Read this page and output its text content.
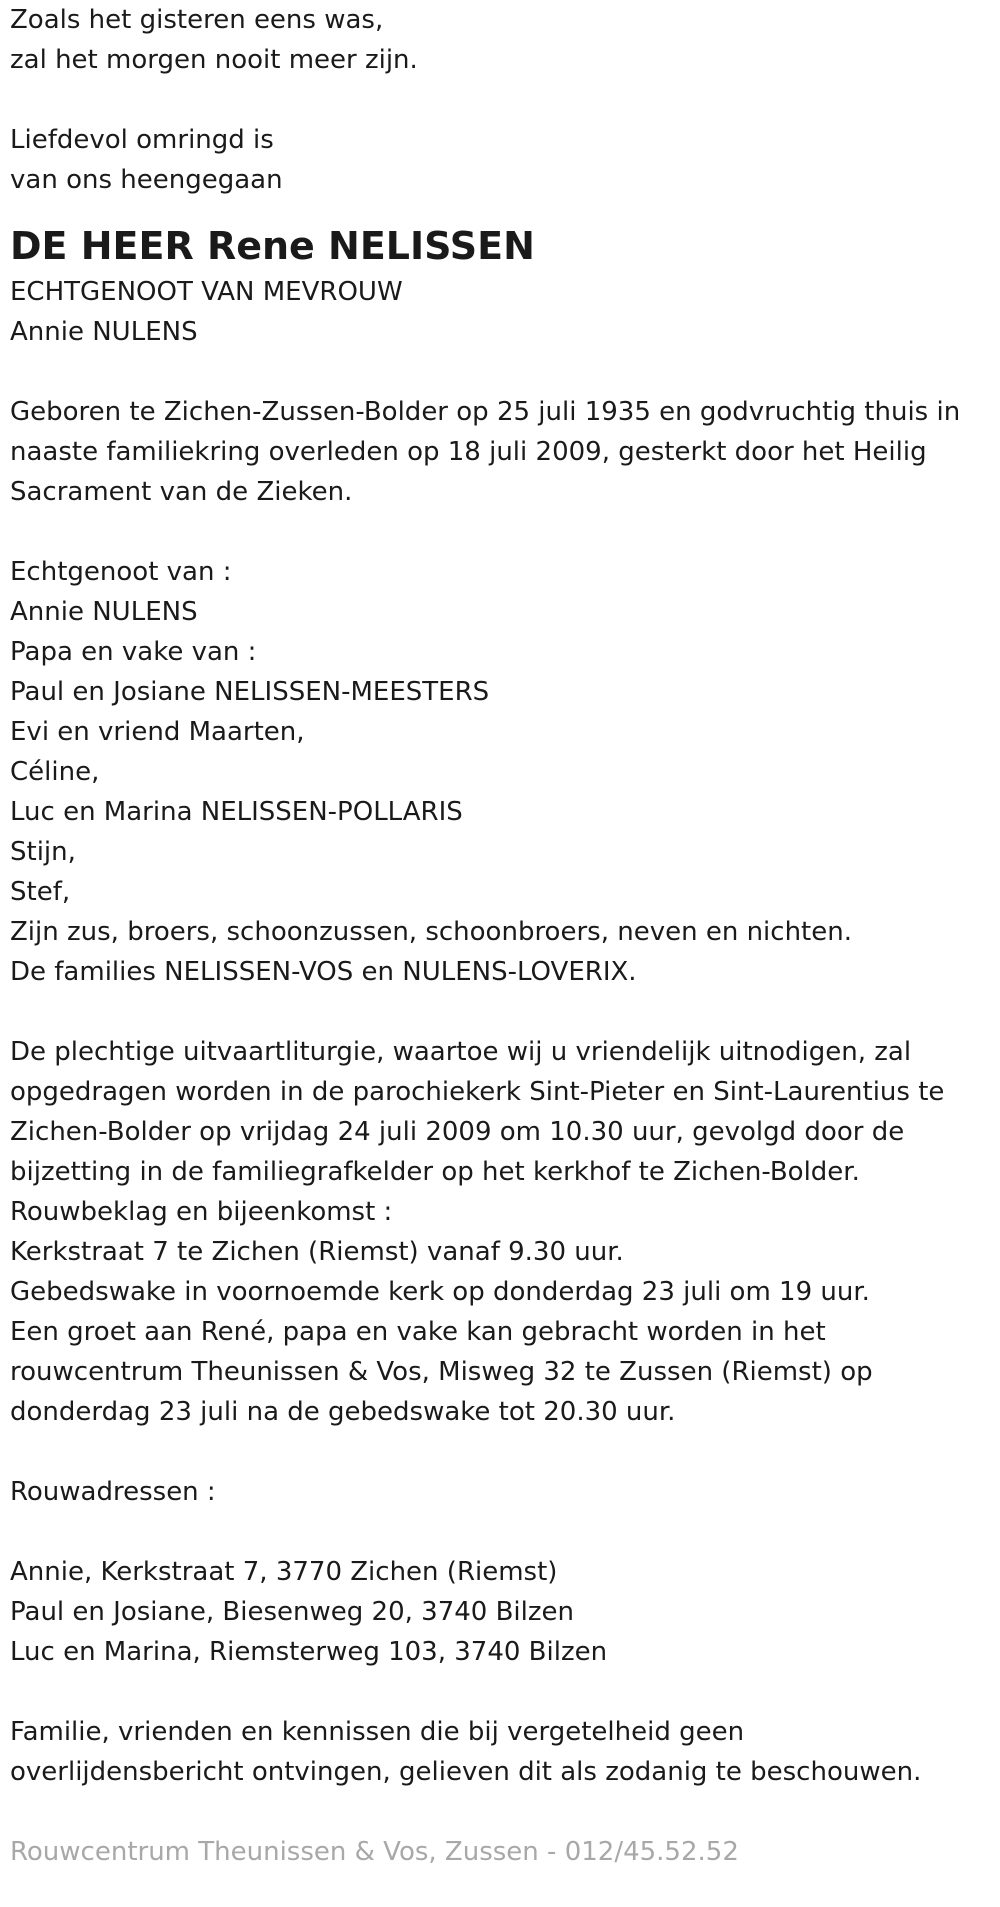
Zoals het gisteren eens was,

zal het morgen nooit meer zijn.

Liefdevol omringd is

van ons heengegaan

DE HEER Rene NELISSEN

ECHTGENOOT VAN MEVROUW

Annie NULENS

Geboren te Zichen-Zussen-Bolder op 25 juli 1935 en godvruchtig thuis in

naaste familiekring overleden op 18 juli 2009, gesterkt door het Heilig

Sacrament van de Zieken.

Echtgenoot van :

Annie NULENS

Papa en vake van :

Paul en Josiane NELISSEN-MEESTERS

Evi en vriend Maarten,

Céline,

Luc en Marina NELISSEN-POLLARIS

Stijn,

Stef,

Zijn zus, broers, schoonzussen, schoonbroers, neven en nichten.

De families NELISSEN-VOS en NULENS-LOVERIX.

De plechtige uitvaartliturgie, waartoe wij u vriendelijk uitnodigen, zal

opgedragen worden in de parochiekerk Sint-Pieter en Sint-Laurentius te

Zichen-Bolder op vrijdag 24 juli 2009 om 10.30 uur, gevolgd door de

bijzetting in de familiegrafkelder op het kerkhof te Zichen-Bolder.

Rouwbeklag en bijeenkomst :

Kerkstraat 7 te Zichen (Riemst) vanaf 9.30 uur.

Gebedswake in voornoemde kerk op donderdag 23 juli om 19 uur.

Een groet aan René, papa en vake kan gebracht worden in het

rouwcentrum Theunissen & Vos, Misweg 32 te Zussen (Riemst) op

donderdag 23 juli na de gebedswake tot 20.30 uur.

Rouwadressen :

Annie, Kerkstraat 7, 3770 Zichen (Riemst)

Paul en Josiane, Biesenweg 20, 3740 Bilzen

Luc en Marina, Riemsterweg 103, 3740 Bilzen

Familie, vrienden en kennissen die bij vergetelheid geen

overlijdensbericht ontvingen, gelieven dit als zodanig te beschouwen.

Rouwcentrum Theunissen & Vos, Zussen - 012/45.52.52
